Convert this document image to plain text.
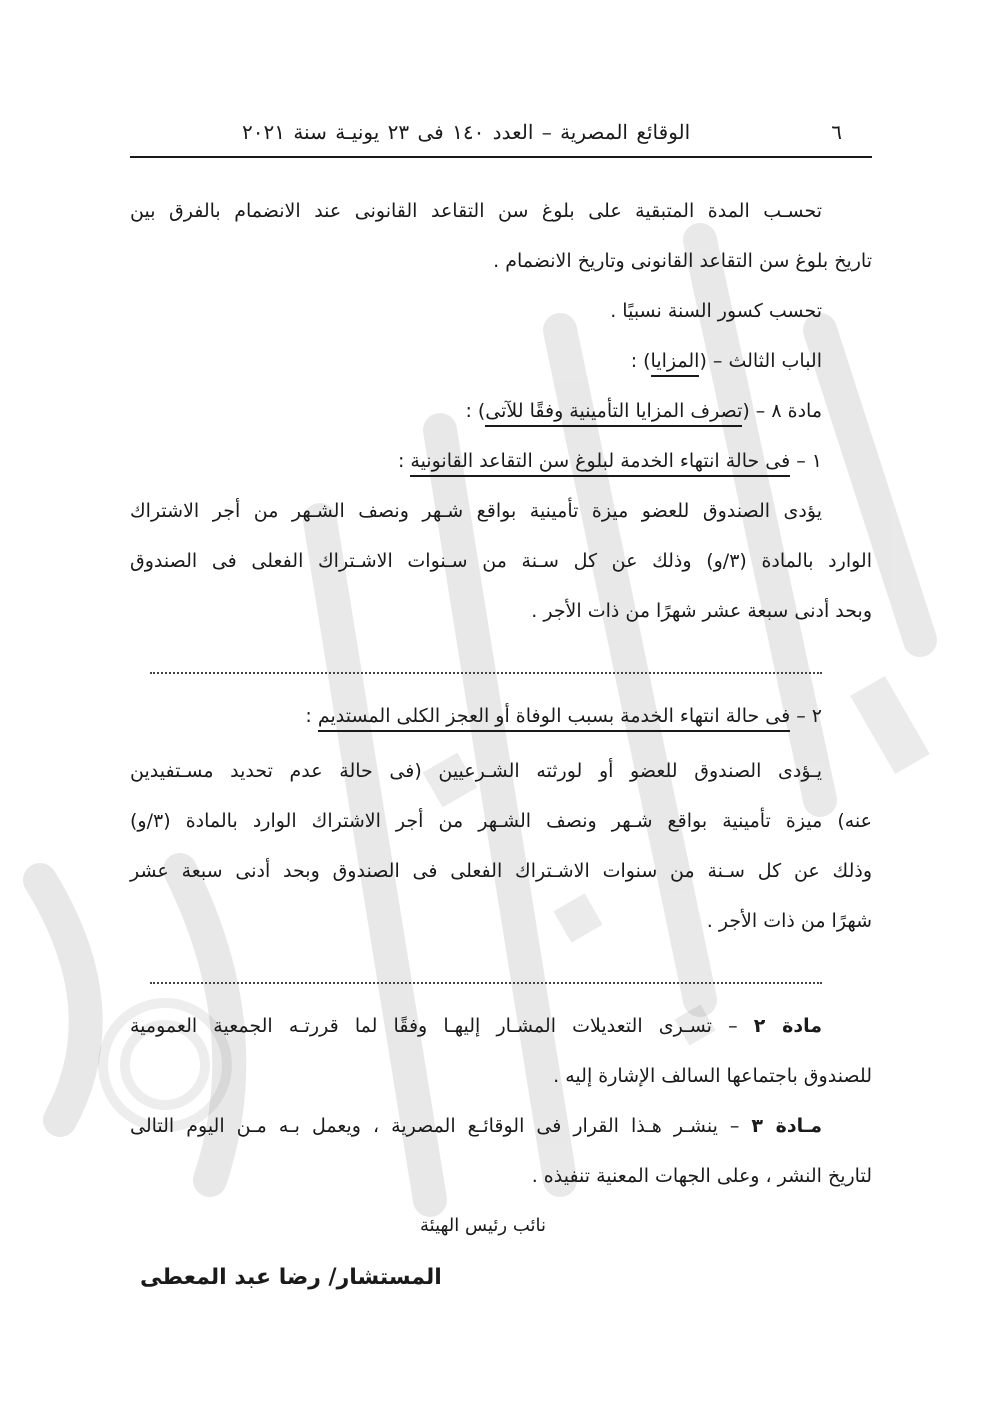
٦
الوقائع المصرية – العدد ١٤٠ فى ٢٣ يونيـة سنة ٢٠٢١
تحسـب المدة المتبقية على بلوغ سن التقاعد القانونى عند الانضمام بالفرق بين
تاريخ بلوغ سن التقاعد القانونى وتاريخ الانضمام .
تحسب كسور السنة نسبيًا .
الباب الثالث – (المزايا) :
مادة ٨ – (تصرف المزايا التأمينية وفقًا للآتى) :
١ – فى حالة انتهاء الخدمة لبلوغ سن التقاعد القانونية :
يؤدى الصندوق للعضو ميزة تأمينية بواقع شـهر ونصف الشـهر من أجر الاشتراك
الوارد بالمادة (٣/و) وذلك عن كل سـنة من سـنوات الاشـتراك الفعلى فى الصندوق
وبحد أدنى سبعة عشر شهرًا من ذات الأجر .
٢ – فى حالة انتهاء الخدمة بسبب الوفاة أو العجز الكلى المستديم :
يـؤدى الصندوق للعضو أو لورثته الشـرعيين (فى حالة عدم تحديد مسـتفيدين
عنه) ميزة تأمينية بواقع شـهر ونصف الشـهر من أجر الاشتراك الوارد بالمادة (٣/و)
وذلك عن كل سـنة من سنوات الاشـتراك الفعلى فى الصندوق وبحد أدنى سبعة عشر
شهرًا من ذات الأجر .
مادة ٢ – تسـرى التعديلات المشـار إليهـا وفقًا لما قررتـه الجمعية العمومية
للصندوق باجتماعها السالف الإشارة إليه .
مـادة ٣ – ينشـر هـذا القرار فى الوقائـع المصرية ، ويعمل بـه مـن اليوم التالى
لتاريخ النشر ، وعلى الجهات المعنية تنفيذه .
نائب رئيس الهيئة
المستشار/ رضا عبد المعطى
